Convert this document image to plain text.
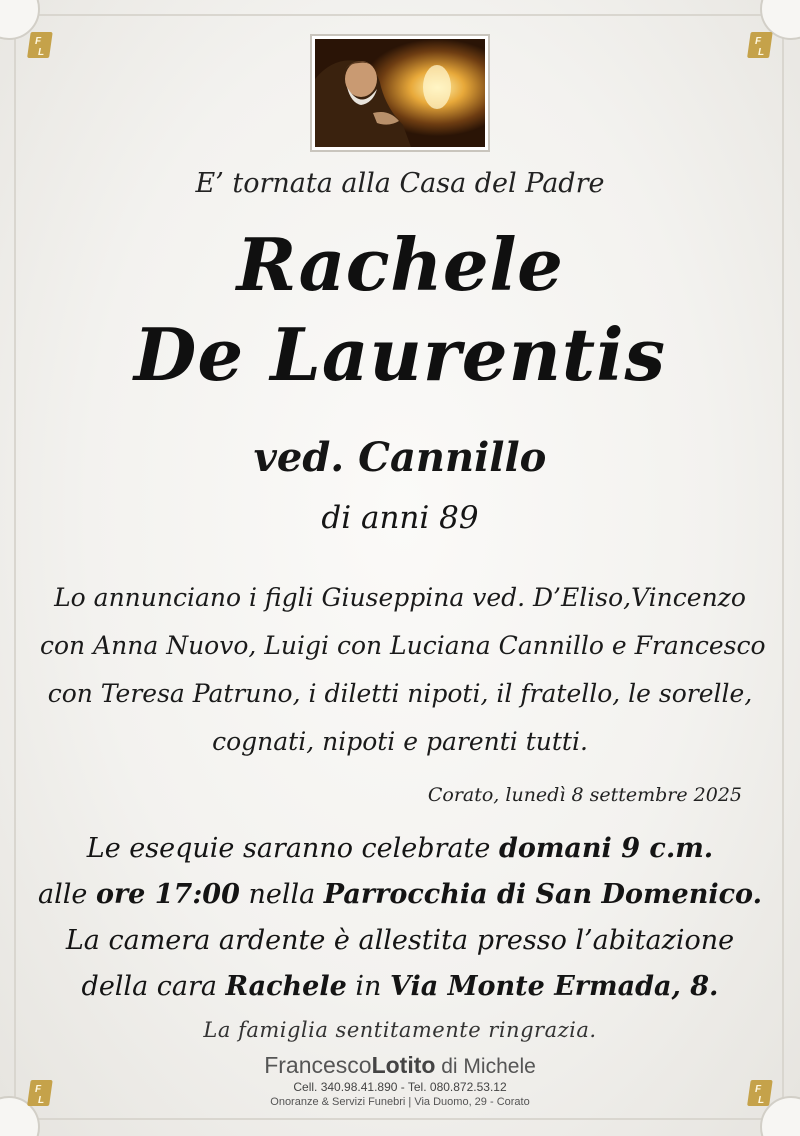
F
L
F
L
F
L
F
L
E’ tornata alla Casa del Padre
Rachele
De Laurentis
ved. Cannillo
di anni 89
Lo annunciano i figli Giuseppina ved. D’Eliso,Vincenzo
con Anna Nuovo, Luigi con Luciana Cannillo e Francesco
con Teresa Patruno, i diletti nipoti, il fratello, le sorelle,
cognati, nipoti e parenti tutti.
Corato, lunedì 8 settembre 2025
Le esequie saranno celebrate domani 9 c.m.
alle ore 17:00 nella Parrocchia di San Domenico.
La camera ardente è allestita presso l’abitazione
della cara Rachele in Via Monte Ermada, 8.
La famiglia sentitamente ringrazia.
FrancescoLotito di Michele
Cell. 340.98.41.890 - Tel. 080.872.53.12
Onoranze & Servizi Funebri | Via Duomo, 29 - Corato
